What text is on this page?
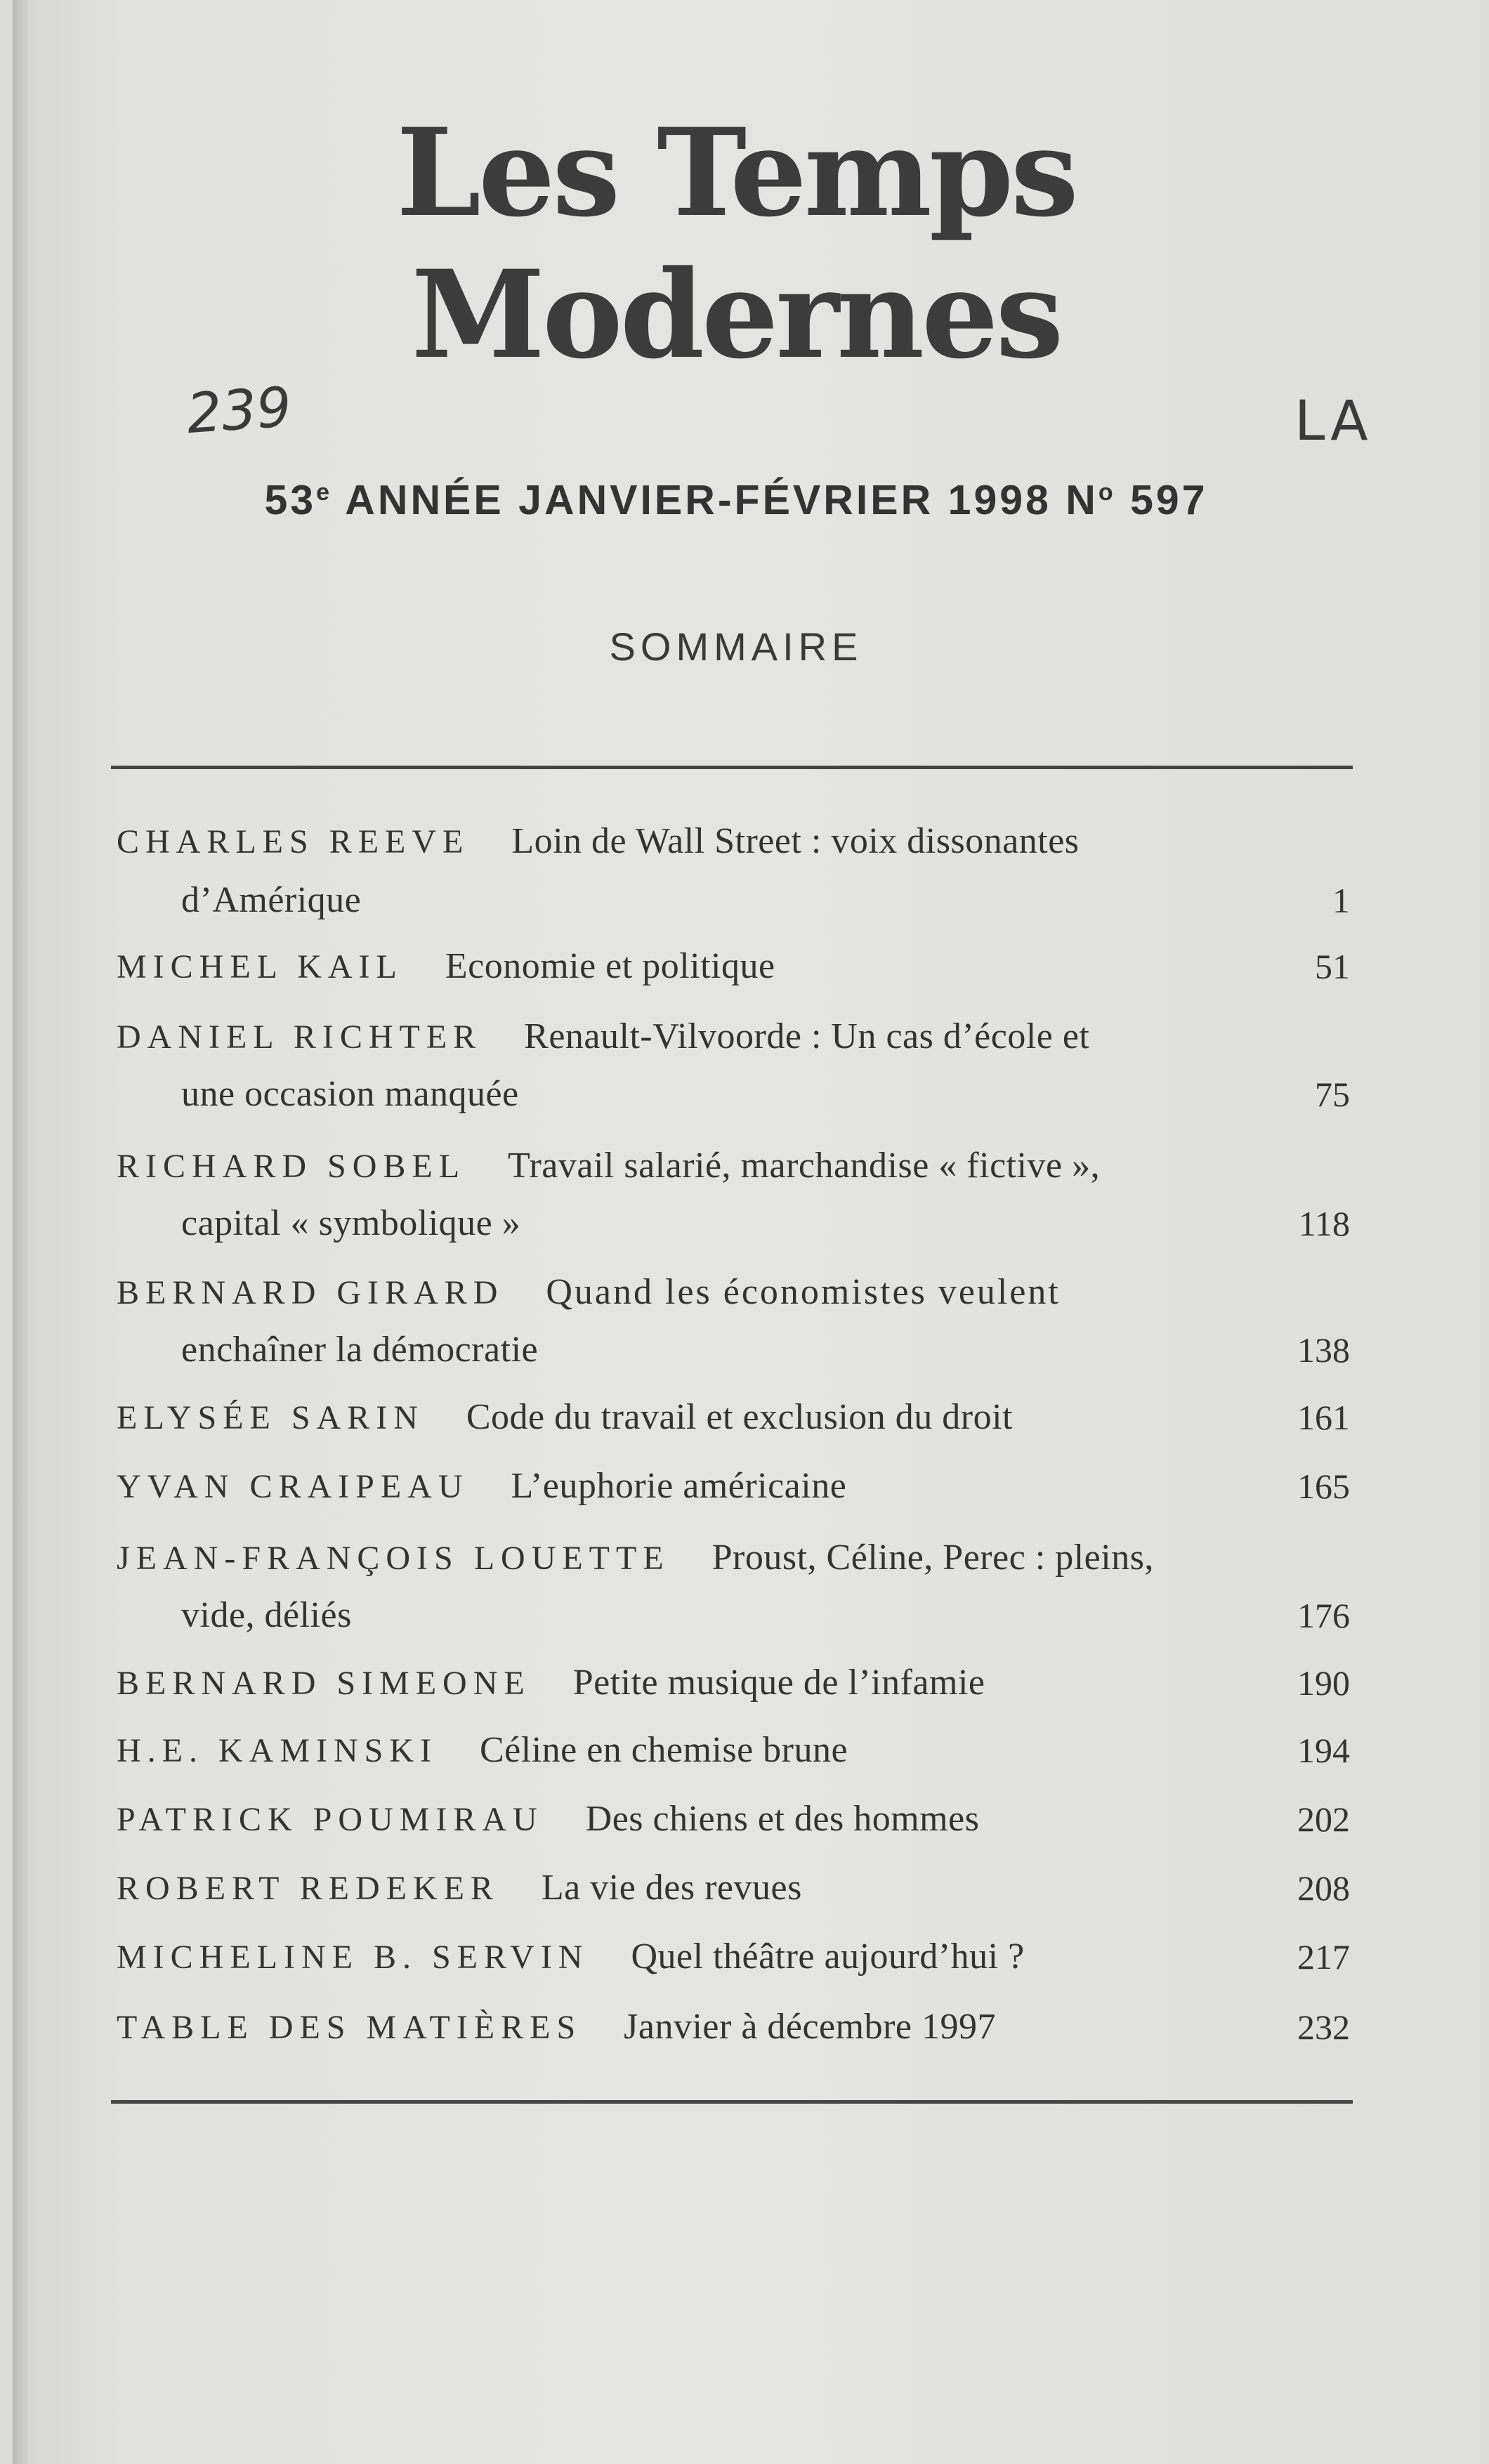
Les Temps
Modernes
239	LA
53e ANNÉE JANVIER-FÉVRIER 1998 $N^o$ 597
SOMMAIRE
CHARLES REEVE Loin de Wall Street : voix dissonantes
d’Amérique	1
MICHEL KAIL Economie et politique	51
DANIEL RICHTER Renault-Vilvoorde : Un cas d’école et
une occasion manquée	75
RICHARD SOBEL Travail salarié, marchandise « fictive »,
capital « symbolique »	118
BERNARD GIRARD Quand les économistes veulent
enchaîner la démocratie	138
ELYSÉE SARIN Code du travail et exclusion du droit	161
YVAN CRAIPEAU L’euphorie américaine	165
JEAN-FRANÇOIS LOUETTE Proust, Céline, Perec : pleins,
vide, déliés	176
BERNARD SIMEONE Petite musique de l’infamie	190
H.E. KAMINSKI Céline en chemise brune	194
PATRICK POUMIRAU Des chiens et des hommes	202
ROBERT REDEKER La vie des revues	208
MICHELINE B. SERVIN Quel théâtre aujourd’hui ?	217
TABLE DES MATIÈRES Janvier à décembre 1997	232
